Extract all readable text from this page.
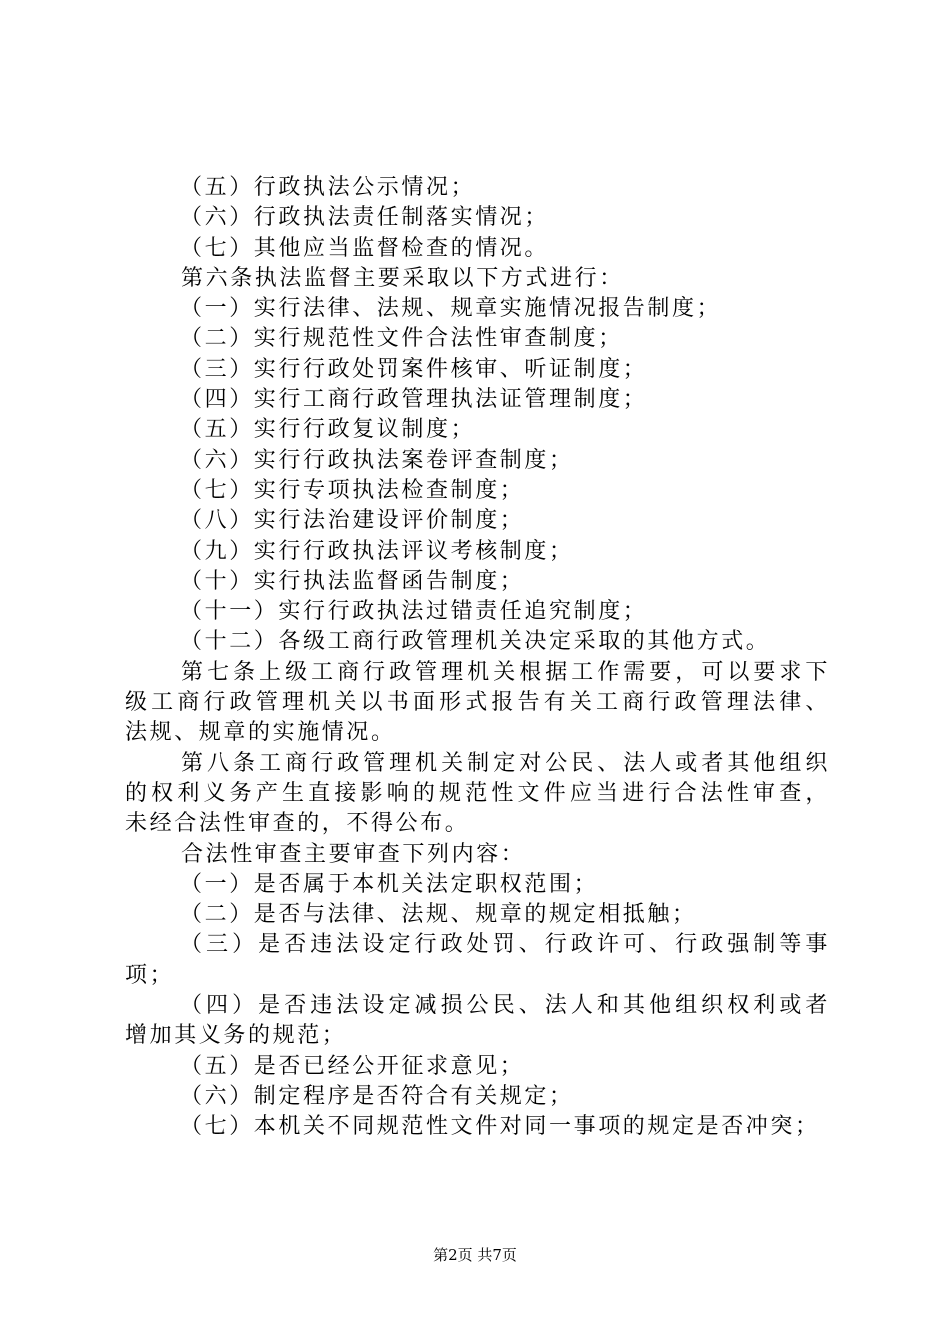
（五）行政执法公示情况；
（六）行政执法责任制落实情况；
（七）其他应当监督检查的情况。
第六条执法监督主要采取以下方式进行：
（一）实行法律、法规、规章实施情况报告制度；
（二）实行规范性文件合法性审查制度；
（三）实行行政处罚案件核审、听证制度；
（四）实行工商行政管理执法证管理制度；
（五）实行行政复议制度；
（六）实行行政执法案卷评查制度；
（七）实行专项执法检查制度；
（八）实行法治建设评价制度；
（九）实行行政执法评议考核制度；
（十）实行执法监督函告制度；
（十一）实行行政执法过错责任追究制度；
（十二）各级工商行政管理机关决定采取的其他方式。
第七条上级工商行政管理机关根据工作需要，可以要求下
级工商行政管理机关以书面形式报告有关工商行政管理法律、
法规、规章的实施情况。
第八条工商行政管理机关制定对公民、法人或者其他组织
的权利义务产生直接影响的规范性文件应当进行合法性审查，
未经合法性审查的，不得公布。
合法性审查主要审查下列内容：
（一）是否属于本机关法定职权范围；
（二）是否与法律、法规、规章的规定相抵触；
（三）是否违法设定行政处罚、行政许可、行政强制等事
项；
（四）是否违法设定减损公民、法人和其他组织权利或者
增加其义务的规范；
（五）是否已经公开征求意见；
（六）制定程序是否符合有关规定；
（七）本机关不同规范性文件对同一事项的规定是否冲突；
第2页 共7页
